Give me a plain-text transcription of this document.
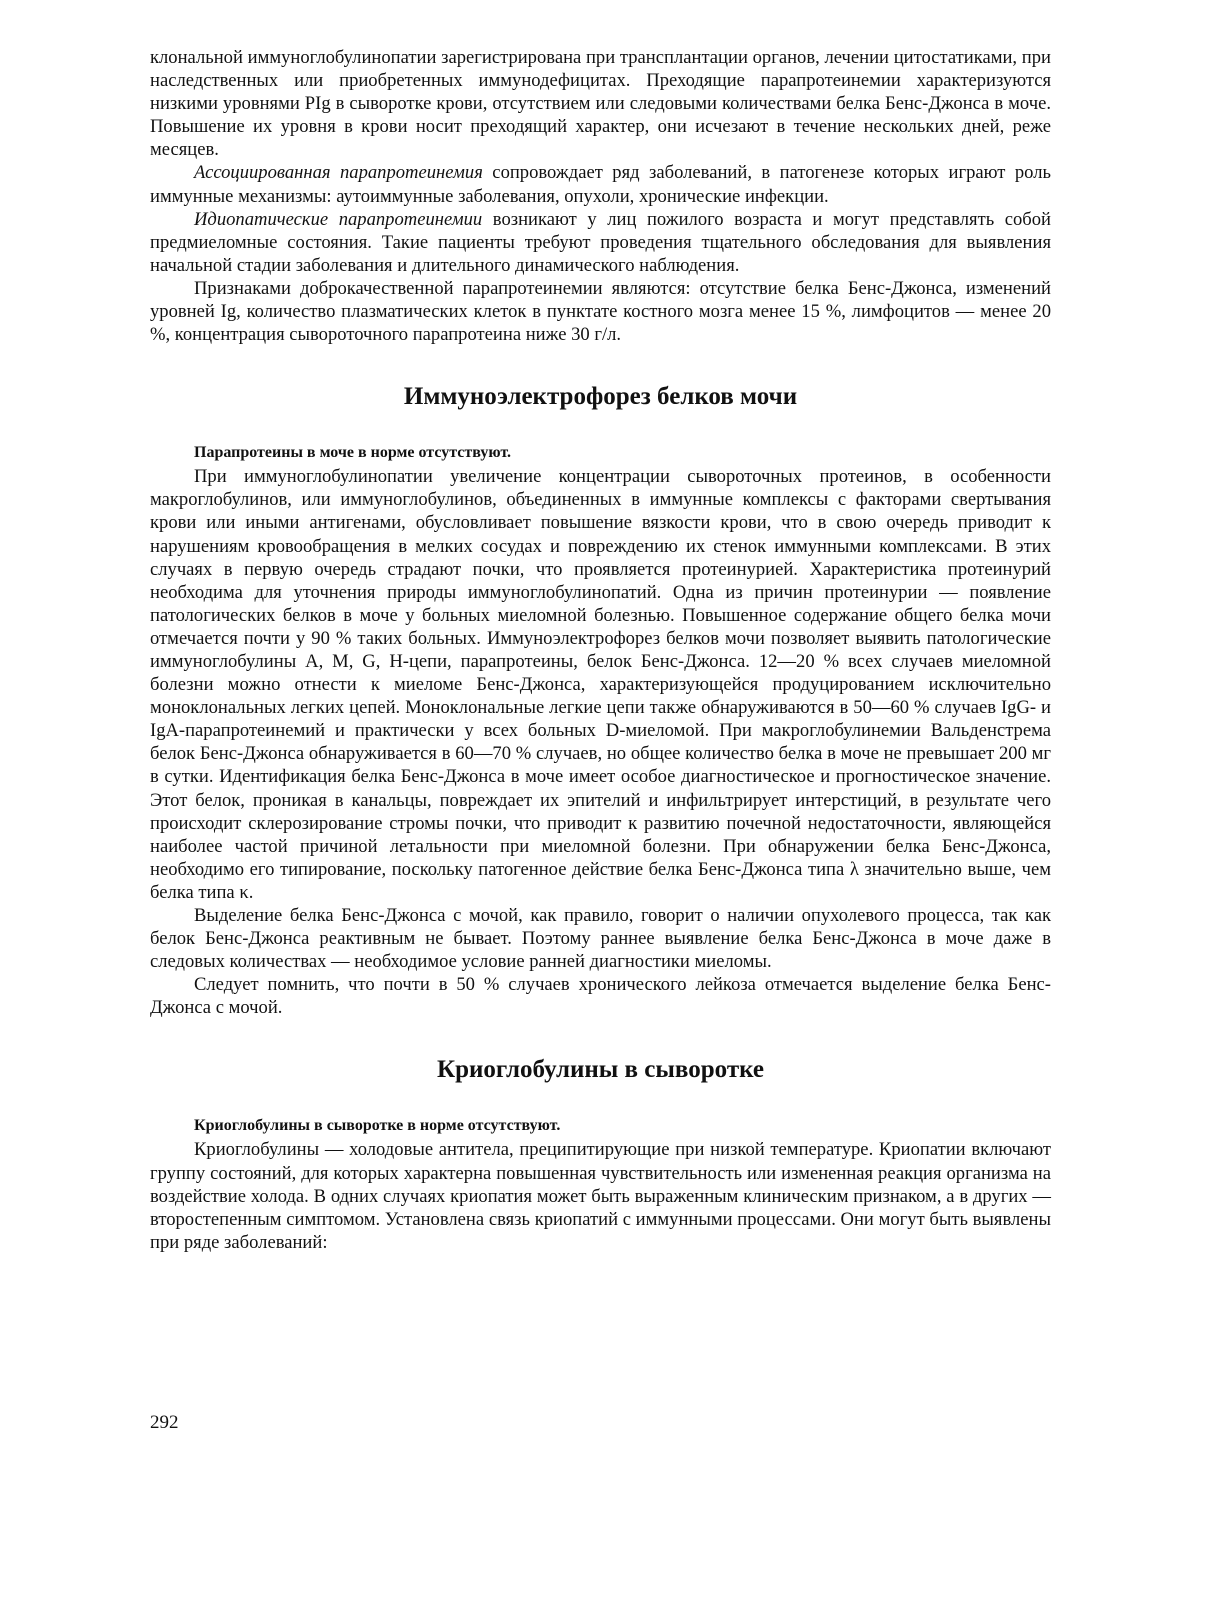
клональной иммуноглобулинопатии зарегистрирована при трансплантации органов, лечении цитостатиками, при наследственных или приобретенных иммунодефицитах. Преходящие парапротеинемии характеризуются низкими уровнями PIg в сыворотке крови, отсутствием или следовыми количествами белка Бенс-Джонса в моче. Повышение их уровня в крови носит преходящий характер, они исчезают в течение нескольких дней, реже месяцев.

Ассоциированная парапротеинемия сопровождает ряд заболеваний, в патогенезе которых играют роль иммунные механизмы: аутоиммунные заболевания, опухоли, хронические инфекции.

Идиопатические парапротеинемии возникают у лиц пожилого возраста и могут представлять собой предмиеломные состояния. Такие пациенты требуют проведения тщательного обследования для выявления начальной стадии заболевания и длительного динамического наблюдения.

Признаками доброкачественной парапротеинемии являются: отсутствие белка Бенс-Джонса, изменений уровней Ig, количество плазматических клеток в пунктате костного мозга менее 15 %, лимфоцитов — менее 20 %, концентрация сывороточного парапротеина ниже 30 г/л.

Иммуноэлектрофорез белков мочи
Парапротеины в моче в норме отсутствуют.

При иммуноглобулинопатии увеличение концентрации сывороточных протеинов, в особенности макроглобулинов, или иммуноглобулинов, объединенных в иммунные комплексы с факторами свертывания крови или иными антигенами, обусловливает повышение вязкости крови, что в свою очередь приводит к нарушениям кровообращения в мелких сосудах и повреждению их стенок иммунными комплексами. В этих случаях в первую очередь страдают почки, что проявляется протеинурией. Характеристика протеинурий необходима для уточнения природы иммуноглобулинопатий. Одна из причин протеинурии — появление патологических белков в моче у больных миеломной болезнью. Повышенное содержание общего белка мочи отмечается почти у 90 % таких больных. Иммуноэлектрофорез белков мочи позволяет выявить патологические иммуноглобулины A, M, G, H-цепи, парапротеины, белок Бенс-Джонса. 12—20 % всех случаев миеломной болезни можно отнести к миеломе Бенс-Джонса, характеризующейся продуцированием исключительно моноклональных легких цепей. Моноклональные легкие цепи также обнаруживаются в 50—60 % случаев IgG- и IgA-парапротеинемий и практически у всех больных D-миеломой. При макроглобулинемии Вальденстрема белок Бенс-Джонса обнаруживается в 60—70 % случаев, но общее количество белка в моче не превышает 200 мг в сутки. Идентификация белка Бенс-Джонса в моче имеет особое диагностическое и прогностическое значение. Этот белок, проникая в канальцы, повреждает их эпителий и инфильтрирует интерстиций, в результате чего происходит склерозирование стромы почки, что приводит к развитию почечной недостаточности, являющейся наиболее частой причиной летальности при миеломной болезни. При обнаружении белка Бенс-Джонса, необходимо его типирование, поскольку патогенное действие белка Бенс-Джонса типа λ значительно выше, чем белка типа κ.

Выделение белка Бенс-Джонса с мочой, как правило, говорит о наличии опухолевого процесса, так как белок Бенс-Джонса реактивным не бывает. Поэтому раннее выявление белка Бенс-Джонса в моче даже в следовых количествах — необходимое условие ранней диагностики миеломы.

Следует помнить, что почти в 50 % случаев хронического лейкоза отмечается выделение белка Бенс-Джонса с мочой.

Криоглобулины в сыворотке
Криоглобулины в сыворотке в норме отсутствуют.

Криоглобулины — холодовые антитела, преципитирующие при низкой температуре. Криопатии включают группу состояний, для которых характерна повышенная чувствительность или измененная реакция организма на воздействие холода. В одних случаях криопатия может быть выраженным клиническим признаком, а в других — второстепенным симптомом. Установлена связь криопатий с иммунными процессами. Они могут быть выявлены при ряде заболеваний:

292
